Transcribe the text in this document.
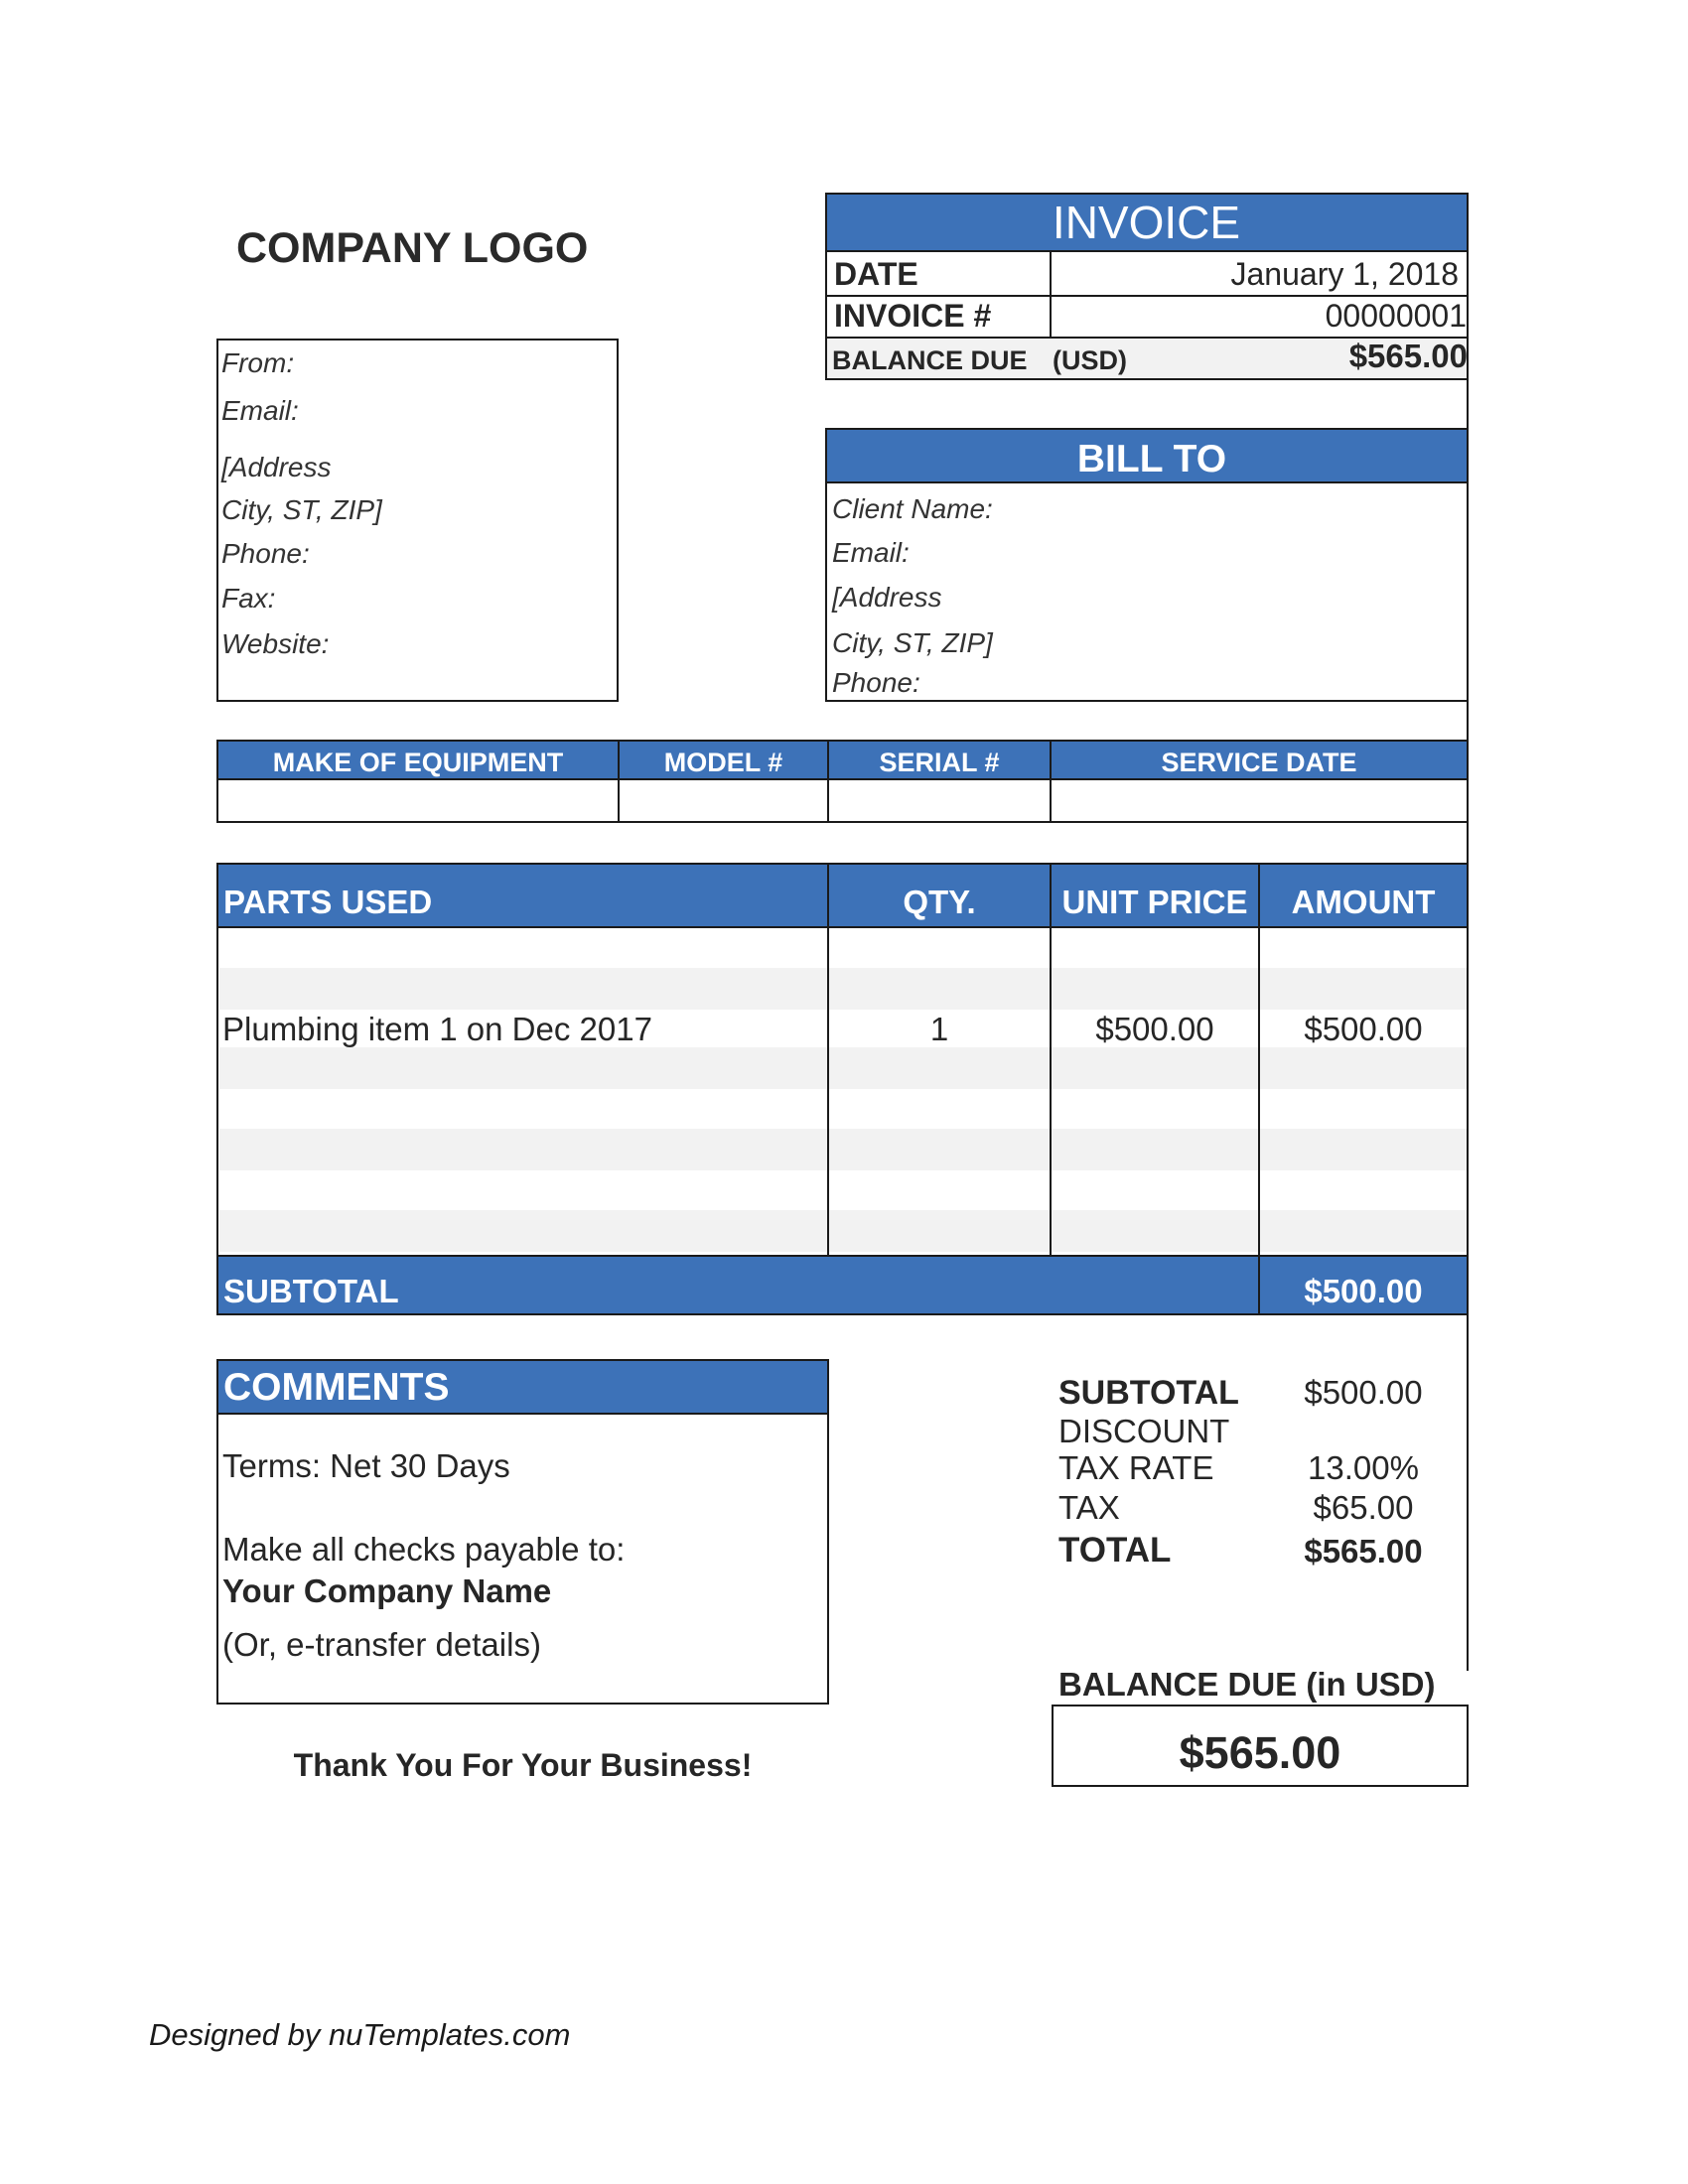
COMPANY LOGO	INVOICE
DATE	January 1, 2018
INVOICE #	00000001
BALANCE DUE (USD)	$565.00
From:
Email:
[Address
City, ST, ZIP]
Phone:
Fax:
Website:
BILL TO
Client Name:
Email:
[Address
City, ST, ZIP]
Phone:
MAKE OF EQUIPMENT	MODEL #	SERIAL #	SERVICE DATE
PARTS USED	QTY.	UNIT PRICE	AMOUNT
Plumbing item 1 on Dec 2017	1	$500.00	$500.00
SUBTOTAL	$500.00
COMMENTS
Terms: Net 30 Days
Make all checks payable to:
Your Company Name
(Or, e-transfer details)
SUBTOTAL	$500.00
DISCOUNT
TAX RATE	13.00%
TAX	$65.00
TOTAL	$565.00
BALANCE DUE (in USD)
$565.00
Thank You For Your Business!
Designed by nuTemplates.com
